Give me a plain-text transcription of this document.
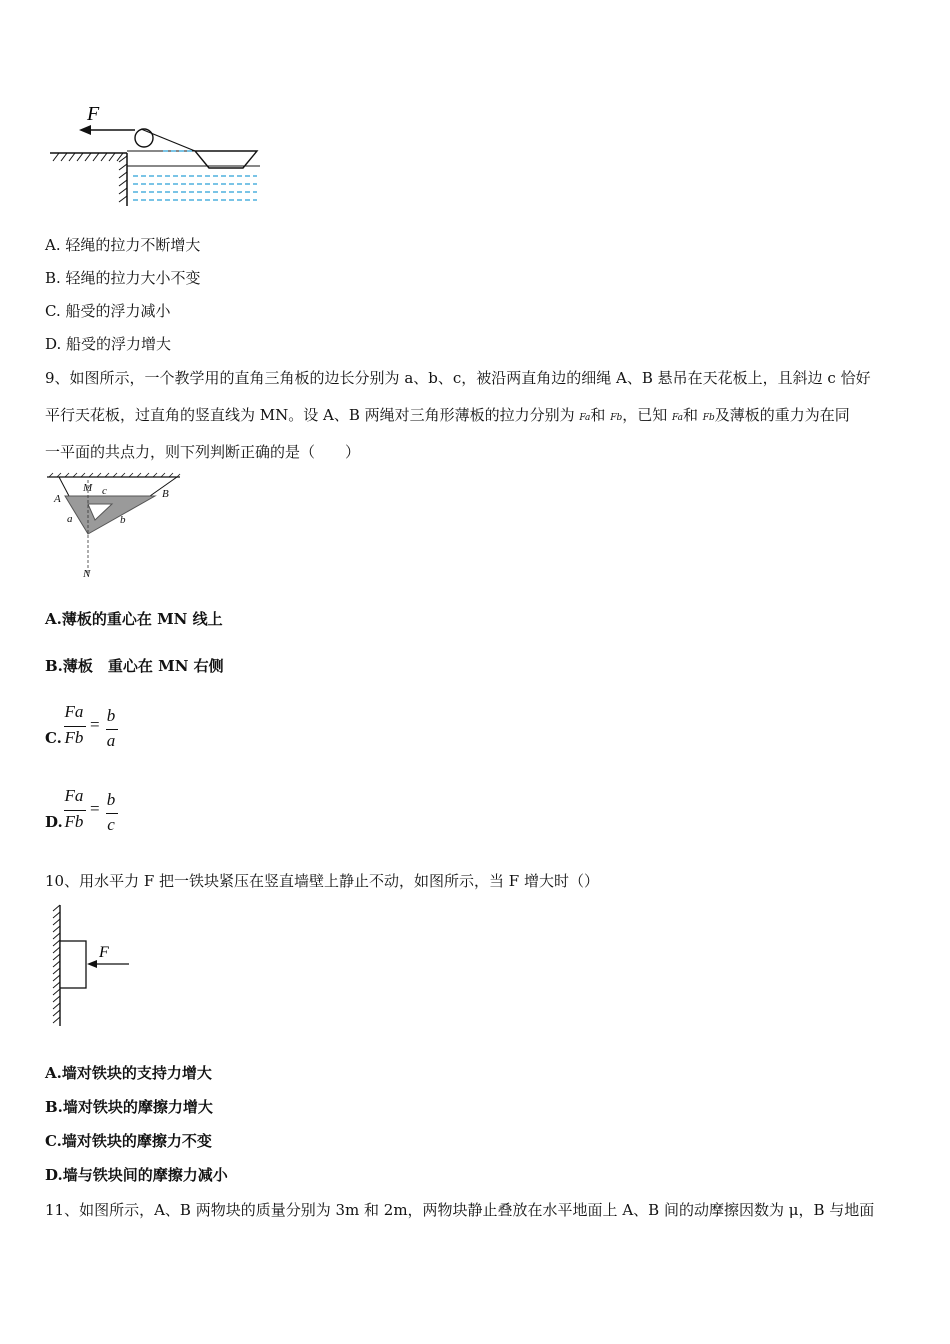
F
A. 轻绳的拉力不断增大
B. 轻绳的拉力大小不变
C. 船受的浮力减小
D. 船受的浮力增大
9、如图所示，一个教学用的直角三角板的边长分别为 a、b、c，被沿两直角边的细绳 A、B 悬吊在天花板上，且斜边 c 恰好
平行天花板，过直角的竖直线为 MN。设 A、B 两绳对三角形薄板的拉力分别为 Fa和 Fb，已知 Fa和 Fb及薄板的重力为在同
一平面的共点力，则下列判断正确的是（　　）
A	B
M c
a	b
N
A.薄板的重心在 MN 线上
B.薄板　重心在 MN 右侧
C.
Fa
Fb
= b
a
D.
Fa
Fb
= b
c
10、用水平力 F 把一铁块紧压在竖直墙壁上静止不动，如图所示，当 F 增大时（）
F
A.墙对铁块的支持力增大
B.墙对铁块的摩擦力增大
C.墙对铁块的摩擦力不变
D.墙与铁块间的摩擦力减小
11、如图所示，A、B 两物块的质量分别为 3m 和 2m，两物块静止叠放在水平地面上 A、B 间的动摩擦因数为 μ，B 与地面
